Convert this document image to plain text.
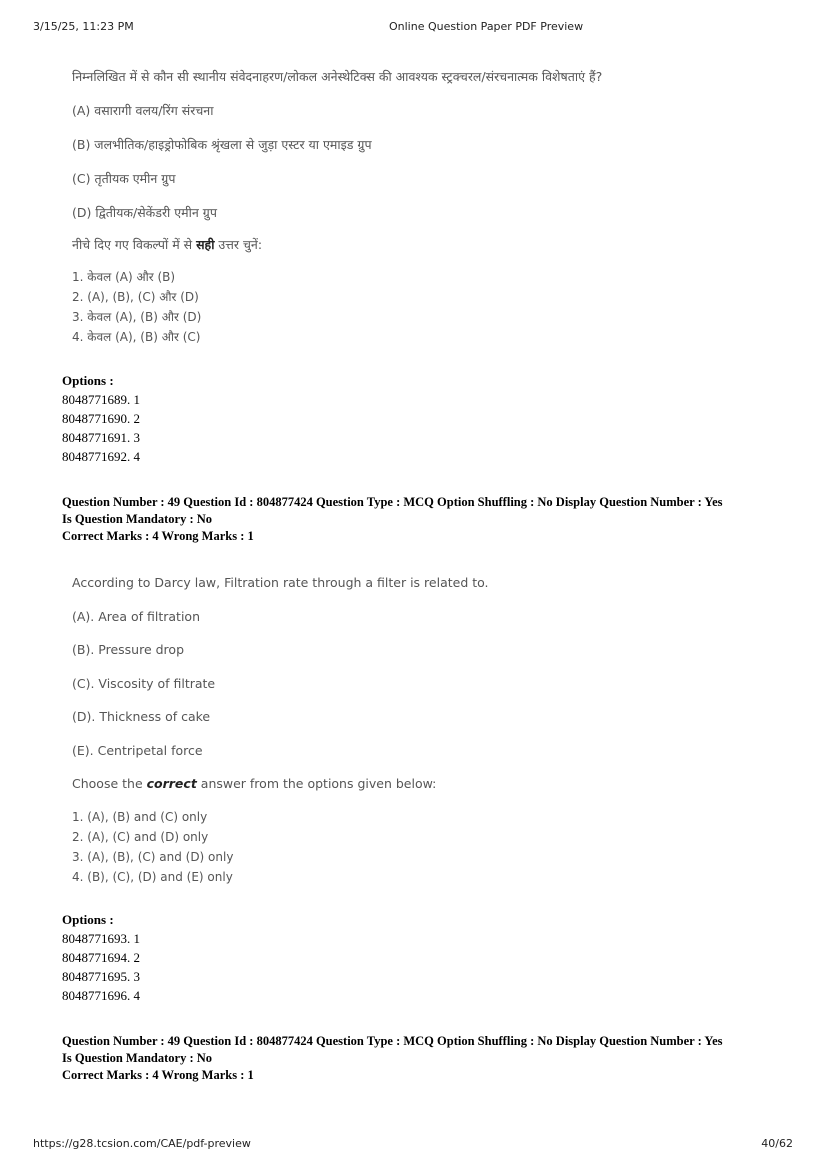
3/15/25, 11:23 PM	Online Question Paper PDF Preview

निम्नलिखित में से कौन सी स्थानीय संवेदनाहरण/लोकल अनेस्थेटिक्स की आवश्यक स्ट्रक्चरल/संरचनात्मक विशेषताएं हैं?

(A) वसारागी वलय/रिंग संरचना

(B) जलभीतिक/हाइड्रोफोबिक श्रृंखला से जुड़ा एस्टर या एमाइड ग्रुप

(C) तृतीयक एमीन ग्रुप

(D) द्वितीयक/सेकेंडरी एमीन ग्रुप

नीचे दिए गए विकल्पों में से सही उत्तर चुनें:

1. केवल (A) और (B)
2. (A), (B), (C) और (D)
3. केवल (A), (B) और (D)
4. केवल (A), (B) और (C)
Options :
8048771689. 1
8048771690. 2
8048771691. 3
8048771692. 4
Question Number : 49 Question Id : 804877424 Question Type : MCQ Option Shuffling : No Display Question Number : Yes
Is Question Mandatory : No
Correct Marks : 4 Wrong Marks : 1

According to Darcy law, Filtration rate through a filter is related to.

(A). Area of filtration

(B). Pressure drop

(C). Viscosity of filtrate

(D). Thickness of cake

(E). Centripetal force

Choose the correct answer from the options given below:

1. (A), (B) and (C) only
2. (A), (C) and (D) only
3. (A), (B), (C) and (D) only
4. (B), (C), (D) and (E) only
Options :
8048771693. 1
8048771694. 2
8048771695. 3
8048771696. 4
Question Number : 49 Question Id : 804877424 Question Type : MCQ Option Shuffling : No Display Question Number : Yes
Is Question Mandatory : No
Correct Marks : 4 Wrong Marks : 1
https://g28.tcsion.com/CAE/pdf-preview	40/62
